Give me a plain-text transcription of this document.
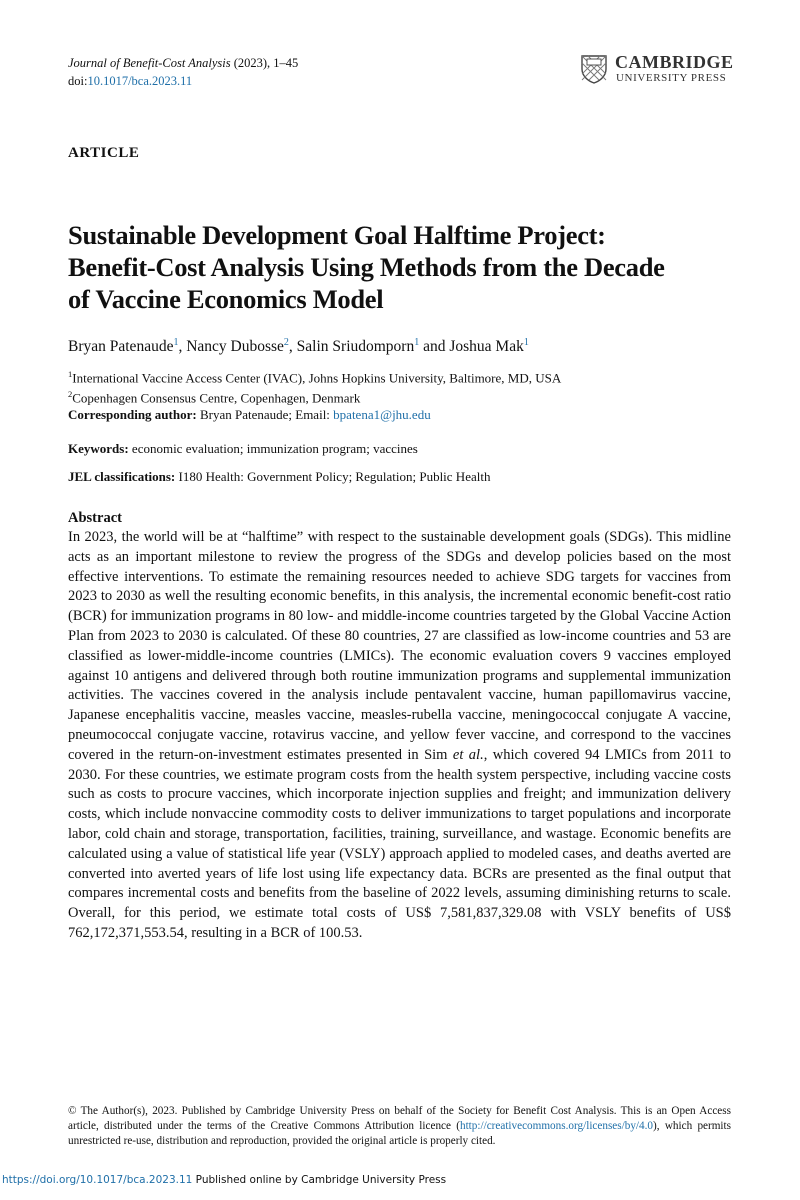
Journal of Benefit-Cost Analysis (2023), 1–45
doi:10.1017/bca.2023.11
CAMBRIDGE
UNIVERSITY PRESS
ARTICLE
Sustainable Development Goal Halftime Project:
Benefit-Cost Analysis Using Methods from the Decade
of Vaccine Economics Model
Bryan Patenaude$^1$, Nancy Dubosse$^2$, Salin Sriudomporn$^1$ and Joshua Mak$^1$
$^1$International Vaccine Access Center (IVAC), Johns Hopkins University, Baltimore, MD, USA
$^2$Copenhagen Consensus Centre, Copenhagen, Denmark
Corresponding author: Bryan Patenaude; Email: bpatena1@jhu.edu
Keywords: economic evaluation; immunization program; vaccines
JEL classifications: I180 Health: Government Policy; Regulation; Public Health
Abstract
In 2023, the world will be at “halftime” with respect to the sustainable development goals (SDGs). This midline acts as an important milestone to review the progress of the SDGs and develop policies based on the most effective interventions. To estimate the remaining resources needed to achieve SDG targets for vaccines from 2023 to 2030 as well the resulting economic benefits, in this analysis, the incremental economic benefit-cost ratio (BCR) for immunization programs in 80 low- and middle-income countries targeted by the Global Vaccine Action Plan from 2023 to 2030 is calculated. Of these 80 countries, 27 are classified as low-income countries and 53 are classified as lower-middle-income countries (LMICs). The economic evaluation covers 9 vaccines employed against 10 antigens and delivered through both routine immunization programs and supplemental immunization activities. The vaccines covered in the analysis include pentavalent vaccine, human papillomavirus vaccine, Japanese encephalitis vaccine, measles vaccine, measles-rubella vaccine, meningococcal conjugate A vaccine, pneumococcal conjugate vaccine, rotavirus vaccine, and yellow fever vaccine, and correspond to the vaccines covered in the return-on-investment estimates presented in Sim et al., which covered 94 LMICs from 2011 to 2030. For these countries, we estimate program costs from the health system perspective, including vaccine costs such as costs to procure vaccines, which incorporate injection supplies and freight; and immunization delivery costs, which include nonvaccine commodity costs to deliver immunizations to target populations and incorporate labor, cold chain and storage, transportation, facilities, training, surveillance, and wastage. Economic benefits are calculated using a value of statistical life year (VSLY) approach applied to modeled cases, and deaths averted are converted into averted years of life lost using life expectancy data. BCRs are presented as the final output that compares incremental costs and benefits from the baseline of 2022 levels, assuming diminishing returns to scale. Overall, for this period, we estimate total costs of US$ 7,581,837,329.08 with VSLY benefits of US$ 762,172,371,553.54, resulting in a BCR of 100.53.
© The Author(s), 2023. Published by Cambridge University Press on behalf of the Society for Benefit Cost Analysis. This is an Open Access article, distributed under the terms of the Creative Commons Attribution licence (http://creativecommons.org/licenses/by/4.0), which permits unrestricted re-use, distribution and reproduction, provided the original article is properly cited.
https://doi.org/10.1017/bca.2023.11 Published online by Cambridge University Press
